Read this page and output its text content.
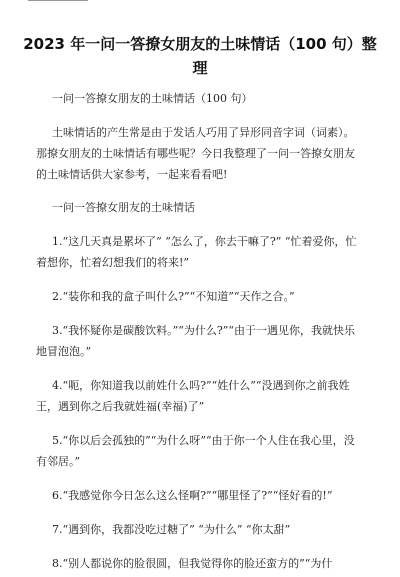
2023 年一问一答撩女朋友的土味情话（100 句）整
理
一问一答撩女朋友的土味情话（100 句）
土味情话的产生常是由于发话人巧用了异形同音字词（词素）。
那撩女朋友的土味情话有哪些呢？今日我整理了一问一答撩女朋友
的土味情话供大家参考，一起来看看吧!
一问一答撩女朋友的土味情话
1.“这几天真是累坏了” “怎么了，你去干嘛了?” “忙着爱你，忙
着想你，忙着幻想我们的将来!”
2.“装你和我的盒子叫什么?”“不知道”“天作之合。”
3.“我怀疑你是碳酸饮料。”“为什么?”“由于一遇见你，我就快乐
地冒泡泡。”
4.“呃，你知道我以前姓什么吗?”“姓什么”“没遇到你之前我姓
王，遇到你之后我就姓福(幸福)了”
5.“你以后会孤独的”“为什么呀”“由于你一个人住在我心里，没
有邻居。”
6.“我感觉你今日怎么这么怪啊?”“哪里怪了?”“怪好看的!”
7.“遇到你，我都没吃过糖了” “为什么” “你太甜”
8.“别人都说你的脸很圆，但我觉得你的脸还蛮方的”“为什
